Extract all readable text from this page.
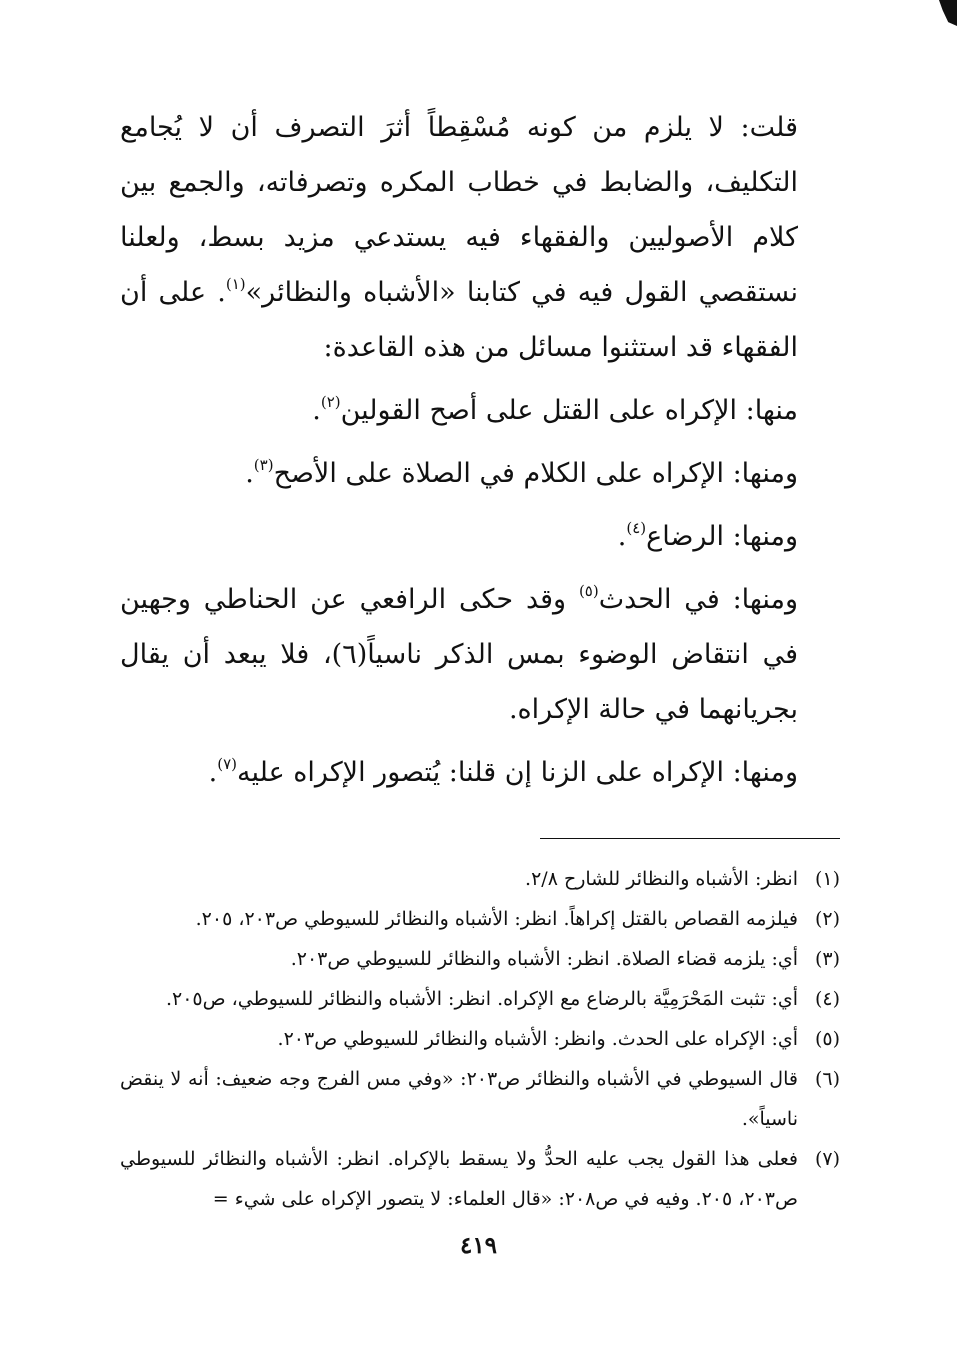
قلت: لا يلزم من كونه مُسْقِطاً أثرَ التصرف أن لا يُجامع التكليف، والضابط في خطاب المكره وتصرفاته، والجمع بين كلام الأصوليين والفقهاء فيه يستدعي مزيد بسط، ولعلنا نستقصي القول فيه في كتابنا «الأشباه والنظائر»$^{(١)}$. على أن الفقهاء قد استثنوا مسائل من هذه القاعدة:

منها: الإكراه على القتل على أصح القولين$^{(٢)}$.

ومنها: الإكراه على الكلام في الصلاة على الأصح$^{(٣)}$.

ومنها: الرضاع$^{(٤)}$.

ومنها: في الحدث$^{(٥)}$ وقد حكى الرافعي عن الحناطي وجهين في انتقاض الوضوء بمس الذكر ناسياً(٦)، فلا يبعد أن يقال بجريانهما في حالة الإكراه.

ومنها: الإكراه على الزنا إن قلنا: يُتصور الإكراه عليه$^{(٧)}$.

(١)
انظر: الأشباه والنظائر للشارح ٢/٨.
(٢)
فيلزمه القصاص بالقتل إكراهاً. انظر: الأشباه والنظائر للسيوطي ص٢٠٣، ٢٠٥.
(٣)
أي: يلزمه قضاء الصلاة. انظر: الأشباه والنظائر للسيوطي ص٢٠٣.
(٤)
أي: تثبت المَحْرَمِيَّة بالرضاع مع الإكراه. انظر: الأشباه والنظائر للسيوطي، ص٢٠٥.
(٥)
أي: الإكراه على الحدث. وانظر: الأشباه والنظائر للسيوطي ص٢٠٣.
(٦)
قال السيوطي في الأشباه والنظائر ص٢٠٣: «وفي مس الفرج وجه ضعيف: أنه لا ينقض ناسياً».
(٧)
فعلى هذا القول يجب عليه الحدُّ ولا يسقط بالإكراه. انظر: الأشباه والنظائر للسيوطي ص٢٠٣، ٢٠٥. وفيه في ص٢٠٨: «قال العلماء: لا يتصور الإكراه على شيء =
٤١٩
